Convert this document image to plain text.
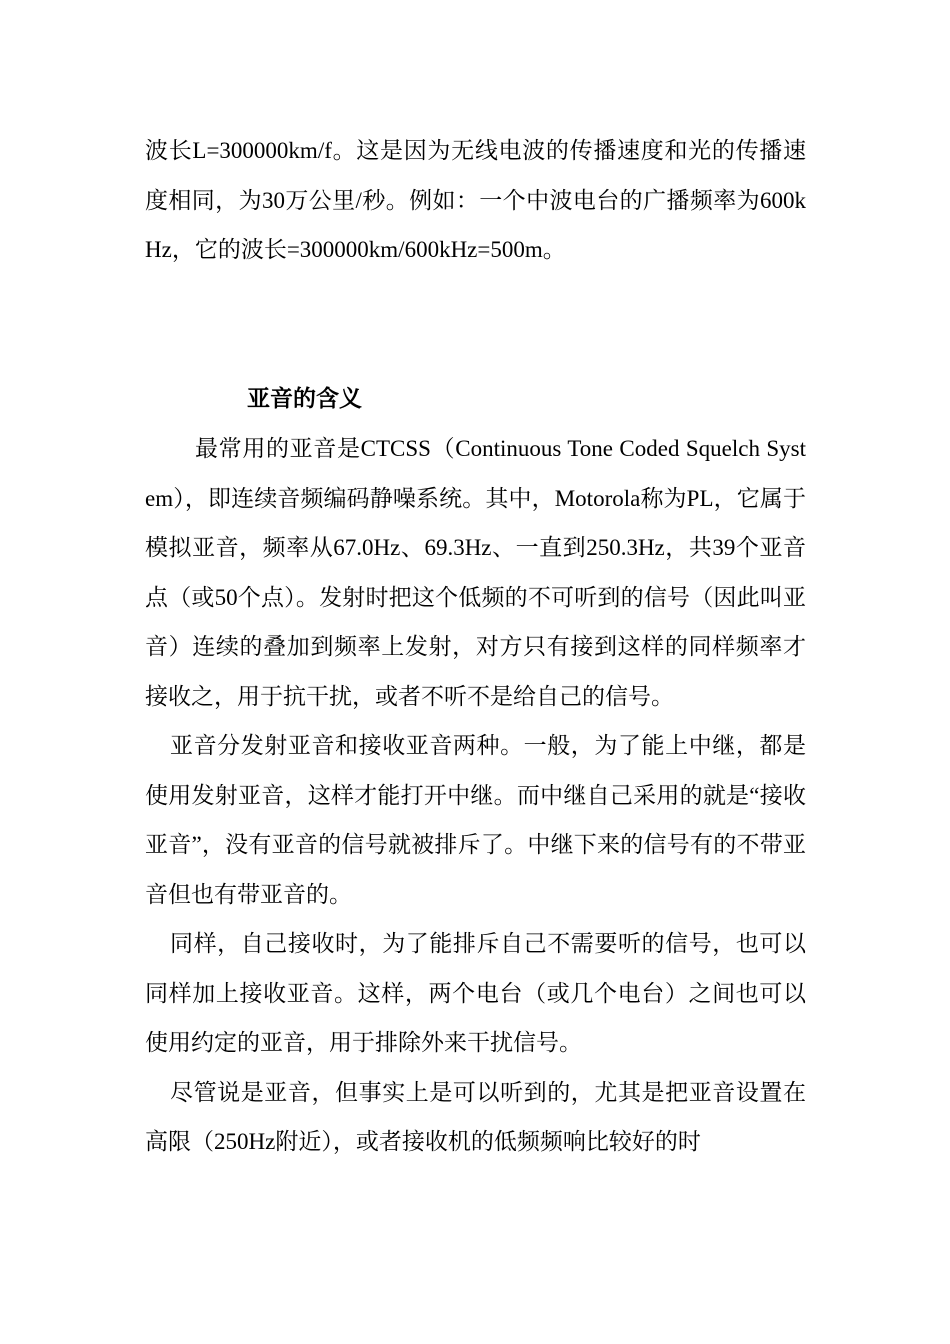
波长L=300000km/f。这是因为无线电波的传播速度和光的传播速度相同，为30万公里/秒。例如：一个中波电台的广播频率为600kHz，它的波长=300000km/600kHz=500m。

亚音的含义

最常用的亚音是CTCSS（Continuous Tone Coded Squelch System），即连续音频编码静噪系统。其中，Motorola称为PL，它属于模拟亚音，频率从67.0Hz、69.3Hz、一直到250.3Hz，共39个亚音点（或50个点）。发射时把这个低频的不可听到的信号（因此叫亚音）连续的叠加到频率上发射，对方只有接到这样的同样频率才接收之，用于抗干扰，或者不听不是给自己的信号。

亚音分发射亚音和接收亚音两种。一般，为了能上中继，都是使用发射亚音，这样才能打开中继。而中继自己采用的就是“接收亚音”，没有亚音的信号就被排斥了。中继下来的信号有的不带亚音但也有带亚音的。

同样，自己接收时，为了能排斥自己不需要听的信号，也可以同样加上接收亚音。这样，两个电台（或几个电台）之间也可以使用约定的亚音，用于排除外来干扰信号。

尽管说是亚音，但事实上是可以听到的，尤其是把亚音设置在高限（250Hz附近），或者接收机的低频频响比较好的时
